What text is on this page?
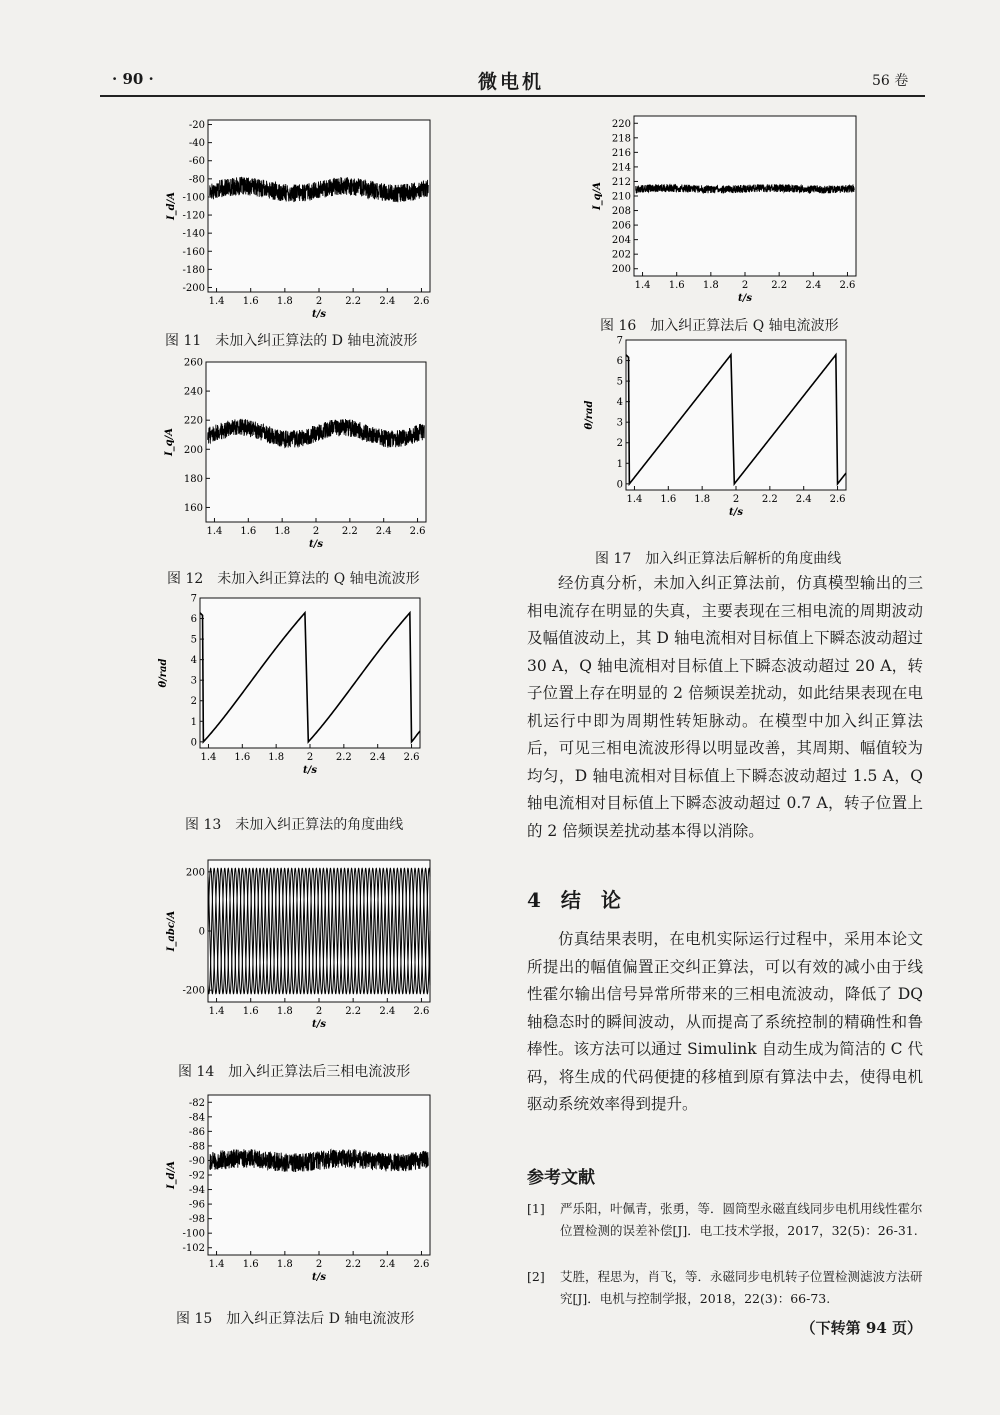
· 90 ·	微电机	56 卷
1.4 1.6 1.8 2 2.2 2.4 2.6
-20
-40
-60
-80
-100
-120
-140
-160
-180
-200
t/s
I_d/A
图 11　未加入纠正算法的 D 轴电流波形
1.4 1.6 1.8 2 2.2 2.4 2.6
260
240
220
200
180
160
t/s
I_q/A
图 12　未加入纠正算法的 Q 轴电流波形
1.4 1.6 1.8 2 2.2 2.4 2.6
0
1
2
3
4
5
6
7
t/s
θ/rad
图 13　未加入纠正算法的角度曲线
1.4 1.6 1.8 2 2.2 2.4 2.6
200
0
-200
t/s
I_abc/A
图 14　加入纠正算法后三相电流波形
1.4 1.6 1.8 2 2.2 2.4 2.6
-82
-84
-86
-88
-90
-92
-94
-96
-98
-100
-102
t/s
I_d/A
图 15　加入纠正算法后 D 轴电流波形
1.4 1.6 1.8 2 2.2 2.4 2.6
220
218
216
214
212
210
208
206
204
202
200
t/s
I_q/A
图 16　加入纠正算法后 Q 轴电流波形
1.4 1.6 1.8 2 2.2 2.4 2.6
0
1
2
3
4
5
6
7
t/s
θ/rad
图 17　加入纠正算法后解析的角度曲线

经仿真分析，未加入纠正算法前，仿真模型输出的三相电流存在明显的失真，主要表现在三相电流的周期波动及幅值波动上，其 D 轴电流相对目标值上下瞬态波动超过 30 A，Q 轴电流相对目标值上下瞬态波动超过 20 A，转子位置上存在明显的 2 倍频误差扰动，如此结果表现在电机运行中即为周期性转矩脉动。在模型中加入纠正算法后，可见三相电流波形得以明显改善，其周期、幅值较为均匀，D 轴电流相对目标值上下瞬态波动超过 1.5 A，Q 轴电流相对目标值上下瞬态波动超过 0.7 A，转子位置上的 2 倍频误差扰动基本得以消除。

4　结　论

仿真结果表明，在电机实际运行过程中，采用本论文所提出的幅值偏置正交纠正算法，可以有效的减小由于线性霍尔输出信号异常所带来的三相电流波动，降低了 DQ 轴稳态时的瞬间波动，从而提高了系统控制的精确性和鲁棒性。该方法可以通过 Simulink 自动生成为简洁的 C 代码，将生成的代码便捷的移植到原有算法中去，使得电机驱动系统效率得到提升。

参考文献
[1] 严乐阳，叶佩青，张勇，等．圆筒型永磁直线同步电机用线性霍尔位置检测的误差补偿[J]．电工技术学报，2017，32(5)：26-31.
[2] 艾胜，程思为，肖飞，等．永磁同步电机转子位置检测滤波方法研究[J]．电机与控制学报，2018，22(3)：66-73.
（下转第 94 页）
